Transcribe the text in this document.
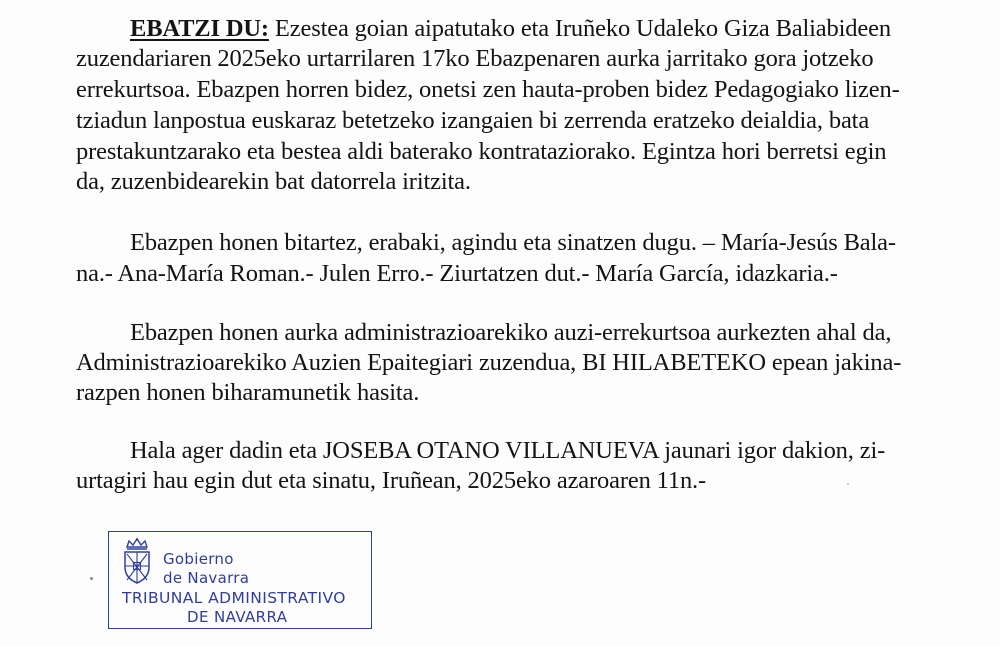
EBATZI DU: Ezestea goian aipatutako eta Iruñeko Udaleko Giza Baliabideen
zuzendariaren 2025eko urtarrilaren 17ko Ebazpenaren aurka jarritako gora jotzeko
errekurtsoa. Ebazpen horren bidez, onetsi zen hauta-proben bidez Pedagogiako lizen-
tziadun lanpostua euskaraz betetzeko izangaien bi zerrenda eratzeko deialdia, bata
prestakuntzarako eta bestea aldi baterako kontrataziorako. Egintza hori berretsi egin
da, zuzenbidearekin bat datorrela iritzita.
Ebazpen honen bitartez, erabaki, agindu eta sinatzen dugu. – María-Jesús Bala-
na.- Ana-María Roman.- Julen Erro.- Ziurtatzen dut.- María García, idazkaria.-
Ebazpen honen aurka administrazioarekiko auzi-errekurtsoa aurkezten ahal da,
Administrazioarekiko Auzien Epaitegiari zuzendua, BI HILABETEKO epean jakina-
razpen honen biharamunetik hasita.
Hala ager dadin eta JOSEBA OTANO VILLANUEVA jaunari igor dakion, zi-
urtagiri hau egin dut eta sinatu, Iruñean, 2025eko azaroaren 11n.-
Gobierno
de Navarra
TRIBUNAL ADMINISTRATIVO
DE NAVARRA
